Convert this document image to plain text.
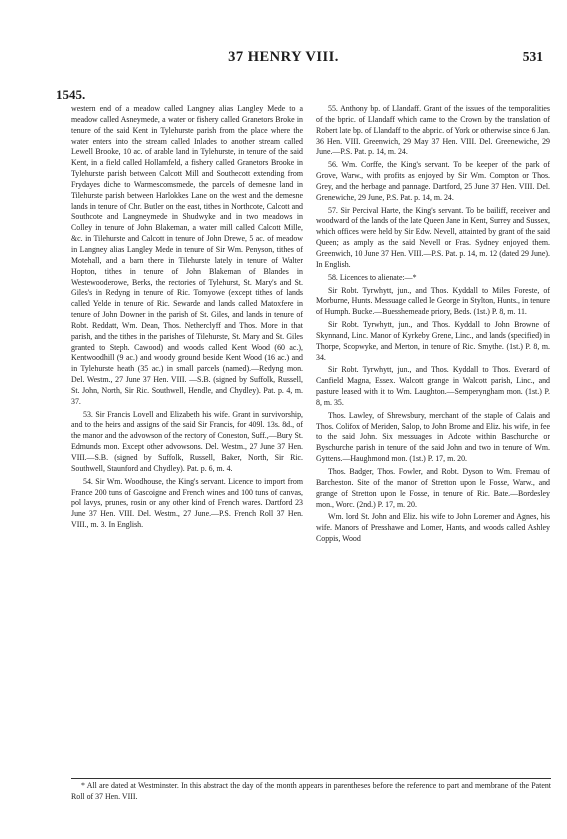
37 HENRY VIII.	531
1545.

western end of a meadow called Langney alias Langley Mede to a meadow called Asneymede, a water or fishery called Granetors Broke in tenure of the said Kent in Tylehurste parish from the place where the water enters into the stream called Inlades to another stream called Lewell Brooke, 10 ac. of arable land in Tylehurste, in tenure of the said Kent, in a field called Hollamfeld, a fishery called Granetors Brooke in Tylehurste parish between Calcott Mill and Southecott extending from Frydayes diche to Warmescomsmede, the parcels of demesne land in Tilehurste parish between Harlokkes Lane on the west and the demesne lands in tenure of Chr. Butler on the east, tithes in Northcote, Calcott and Southcote and Langneymede in Shudwyke and in two meadows in Colley in tenure of John Blakeman, a water mill called Calcott Mille, &c. in Tilehurste and Calcott in tenure of John Drewe, 5 ac. of meadow in Langney alias Langley Mede in tenure of Sir Wm. Penyson, tithes of Motehall, and a barn there in Tilehurste lately in tenure of Walter Hopton, tithes in tenure of John Blakeman of Blandes in Westewooderowe, Berks, the rectories of Tylehurst, St. Mary's and St. Giles's in Redyng in tenure of Ric. Tomyowe (except tithes of lands called Yelde in tenure of Ric. Sewarde and lands called Matoxfere in tenure of John Downer in the parish of St. Giles, and lands in tenure of Robt. Reddatt, Wm. Dean, Thos. Netherclyff and Thos. More in that parish, and the tithes in the parishes of Tilehurste, St. Mary and St. Giles granted to Steph. Cawood) and woods called Kent Wood (60 ac.), Kentwoodhill (9 ac.) and woody ground beside Kent Wood (16 ac.) and in Tylehurste heath (35 ac.) in small parcels (named).—Redyng mon. Del. Westm., 27 June 37 Hen. VIII. —S.B. (signed by Suffolk, Russell, St. John, North, Sir Ric. Southwell, Hendle, and Chydley). Pat. p. 4, m. 37.

53. Sir Francis Lovell and Elizabeth his wife. Grant in survivorship, and to the heirs and assigns of the said Sir Francis, for 409l. 13s. 8d., of the manor and the advowson of the rectory of Coneston, Suff.,—Bury St. Edmunds mon. Except other advowsons. Del. Westm., 27 June 37 Hen. VIII.—S.B. (signed by Suffolk, Russell, Baker, North, Sir Ric. Southwell, Staunford and Chydley). Pat. p. 6, m. 4.

54. Sir Wm. Woodhouse, the King's servant. Licence to import from France 200 tuns of Gascoigne and French wines and 100 tuns of canvas, pol lavys, prunes, rosin or any other kind of French wares. Dartford 23 June 37 Hen. VIII. Del. Westm., 27 June.—P.S. French Roll 37 Hen. VIII., m. 3. In English.

55. Anthony bp. of Llandaff. Grant of the issues of the temporalities of the bpric. of Llandaff which came to the Crown by the translation of Robert late bp. of Llandaff to the abpric. of York or otherwise since 6 Jan. 36 Hen. VIII. Greenwich, 29 May 37 Hen. VIII. Del. Greenewiche, 29 June.—P.S. Pat. p. 14, m. 24.

56. Wm. Corffe, the King's servant. To be keeper of the park of Grove, Warw., with profits as enjoyed by Sir Wm. Compton or Thos. Grey, and the herbage and pannage. Dartford, 25 June 37 Hen. VIII. Del. Grenewiche, 29 June, P.S. Pat. p. 14, m. 24.

57. Sir Percival Harte, the King's servant. To be bailiff, receiver and woodward of the lands of the late Queen Jane in Kent, Surrey and Sussex, which offices were held by Sir Edw. Nevell, attainted by grant of the said Queen; as amply as the said Nevell or Fras. Sydney enjoyed them. Greenwich, 10 June 37 Hen. VIII.—P.S. Pat. p. 14, m. 12 (dated 29 June). In English.

58. Licences to alienate:—*

Sir Robt. Tyrwhytt, jun., and Thos. Kyddall to Miles Foreste, of Morburne, Hunts. Messuage called le George in Stylton, Hunts., in tenure of Humph. Bucke.—Buesshemeade priory, Beds. (1st.) P. 8, m. 11.

Sir Robt. Tyrwhytt, jun., and Thos. Kyddall to John Browne of Skynnand, Linc. Manor of Kyrkeby Grene, Linc., and lands (specified) in Thorpe, Scopwyke, and Merton, in tenure of Ric. Smythe. (1st.) P. 8, m. 34.

Sir Robt. Tyrwhytt, jun., and Thos. Kyddall to Thos. Everard of Canfield Magna, Essex. Walcott grange in Walcott parish, Linc., and pasture leased with it to Wm. Laughton.—Semperyngham mon. (1st.) P. 8, m. 35.

Thos. Lawley, of Shrewsbury, merchant of the staple of Calais and Thos. Colifox of Meriden, Salop, to John Brome and Eliz. his wife, in fee to the said John. Six messuages in Adcote within Baschurche or Byschurche parish in tenure of the said John and two in tenure of Wm. Gyttens.—Haughmond mon. (1st.) P. 17, m. 20.

Thos. Badger, Thos. Fowler, and Robt. Dyson to Wm. Fremau of Barcheston. Site of the manor of Stretton upon le Fosse, Warw., and grange of Stretton upon le Fosse, in tenure of Ric. Bate.—Bordesley mon., Worc. (2nd.) P. 17, m. 20.

Wm. lord St. John and Eliz. his wife to John Loremer and Agnes, his wife. Manors of Presshawe and Lomer, Hants, and woods called Ashley Coppis, Wood

* All are dated at Westminster. In this abstract the day of the month appears in parentheses before the reference to part and membrane of the Patent Roll of 37 Hen. VIII.
